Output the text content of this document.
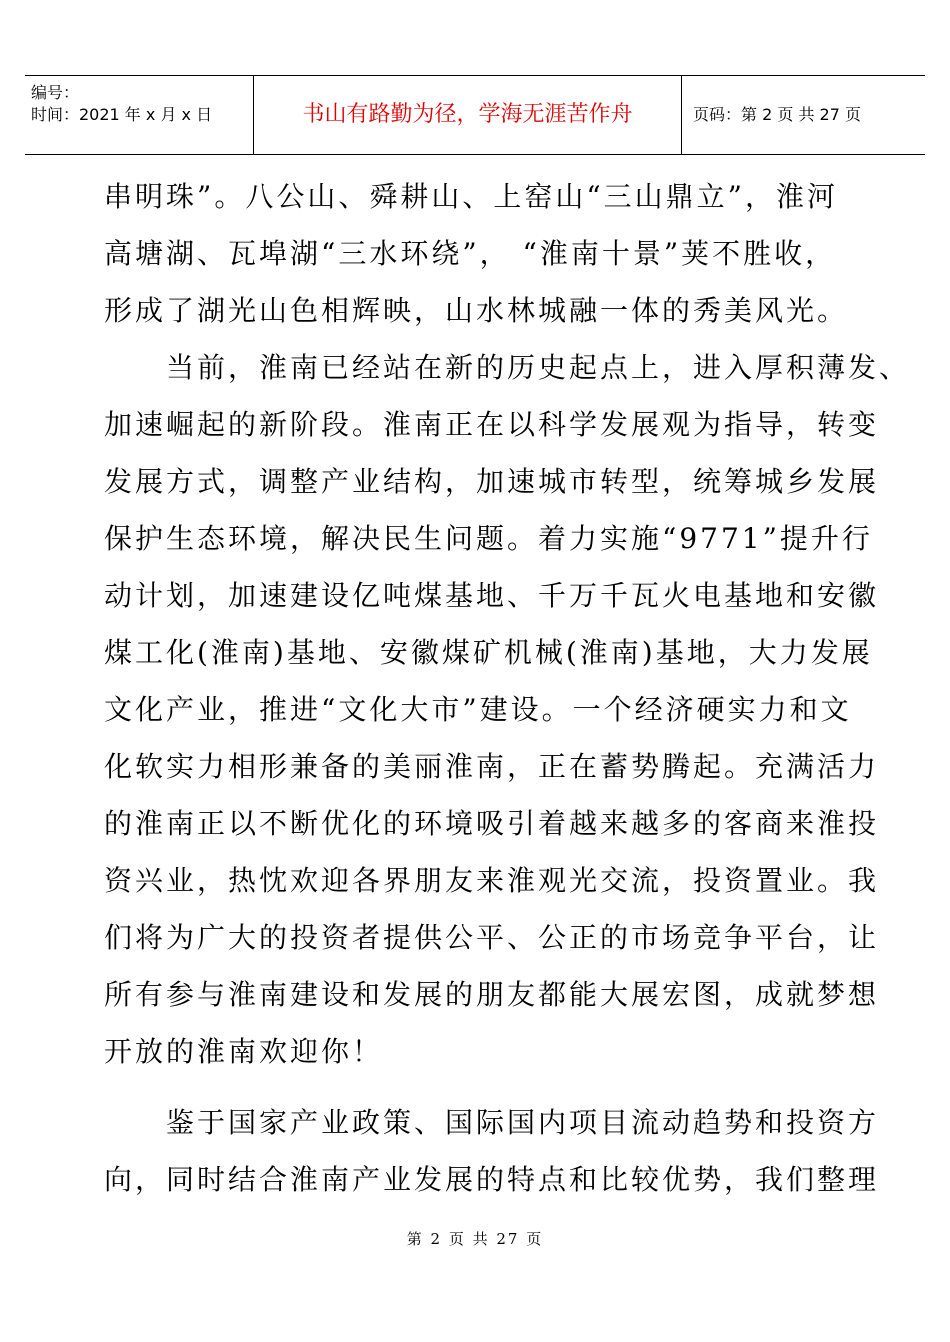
编号：
时间：2021 年 x 月 x 日	书山有路勤为径，学海无涯苦作舟	页码：第 2 页 共 27 页
串明珠”。八公山、舜耕山、上窑山“三山鼎立”，淮河
高塘湖、瓦埠湖“三水环绕”， “淮南十景”荚不胜收，
形成了湖光山色相辉映，山水林城融一体的秀美风光。
　　当前，淮南已经站在新的历史起点上，进入厚积薄发、
加速崛起的新阶段。淮南正在以科学发展观为指导，转变
发展方式，调整产业结构，加速城市转型，统筹城乡发展
保护生态环境，解决民生问题。着力实施“9771”提升行
动计划，加速建设亿吨煤基地、千万千瓦火电基地和安徽
煤工化(淮南)基地、安徽煤矿机械(淮南)基地，大力发展
文化产业，推进“文化大市”建设。一个经济硬实力和文
化软实力相形兼备的美丽淮南，正在蓄势腾起。充满活力
的淮南正以不断优化的环境吸引着越来越多的客商来淮投
资兴业，热忱欢迎各界朋友来淮观光交流，投资置业。我
们将为广大的投资者提供公平、公正的市场竞争平台，让
所有参与淮南建设和发展的朋友都能大展宏图，成就梦想
开放的淮南欢迎你！
　　鉴于国家产业政策、国际国内项目流动趋势和投资方
向，同时结合淮南产业发展的特点和比较优势，我们整理
第 2 页 共 27 页
